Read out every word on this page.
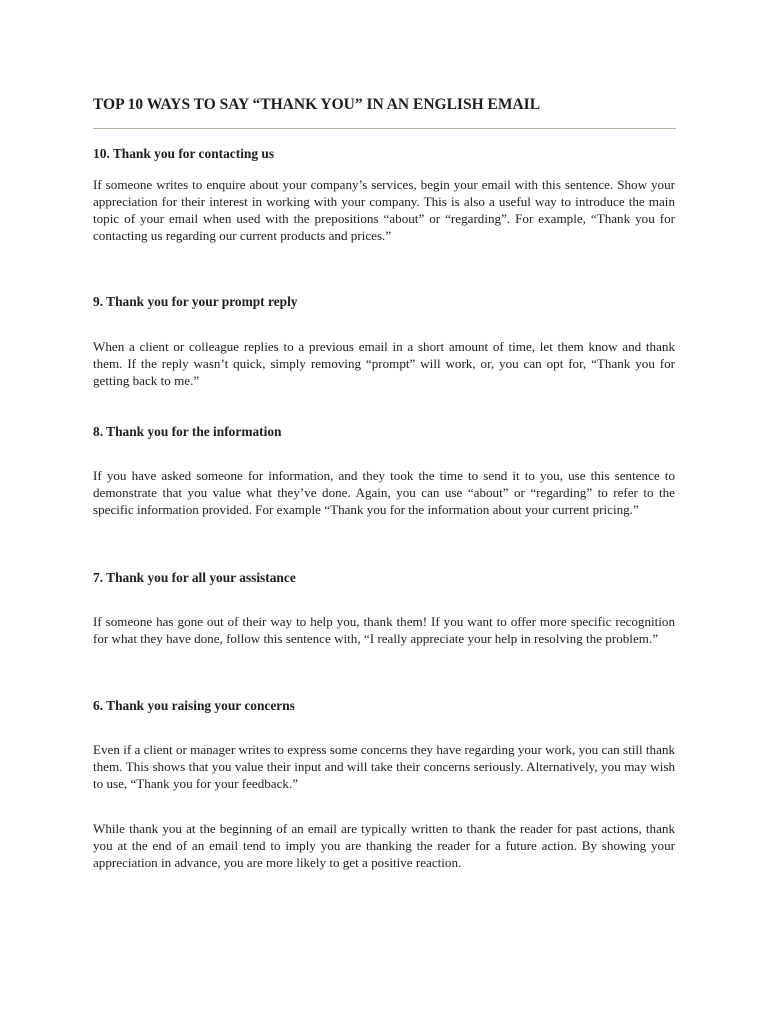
TOP 10 WAYS TO SAY “THANK YOU” IN AN ENGLISH EMAIL
10. Thank you for contacting us

If someone writes to enquire about your company’s services, begin your email with this sentence. Show your appreciation for their interest in working with your company. This is also a useful way to introduce the main topic of your email when used with the prepositions “about” or “regarding”. For example, “Thank you for contacting us regarding our current products and prices.”

9. Thank you for your prompt reply

When a client or colleague replies to a previous email in a short amount of time, let them know and thank them. If the reply wasn’t quick, simply removing “prompt” will work, or, you can opt for, “Thank you for getting back to me.”

8. Thank you for the information

If you have asked someone for information, and they took the time to send it to you, use this sentence to demonstrate that you value what they’ve done. Again, you can use “about” or “regarding” to refer to the specific information provided. For example “Thank you for the information about your current pricing.”

7. Thank you for all your assistance

If someone has gone out of their way to help you, thank them! If you want to offer more specific recognition for what they have done, follow this sentence with, “I really appreciate your help in resolving the problem.”

6. Thank you raising your concerns

Even if a client or manager writes to express some concerns they have regarding your work, you can still thank them. This shows that you value their input and will take their concerns seriously. Alternatively, you may wish to use, “Thank you for your feedback.”

While thank you at the beginning of an email are typically written to thank the reader for past actions, thank you at the end of an email tend to imply you are thanking the reader for a future action. By showing your appreciation in advance, you are more likely to get a positive reaction.
